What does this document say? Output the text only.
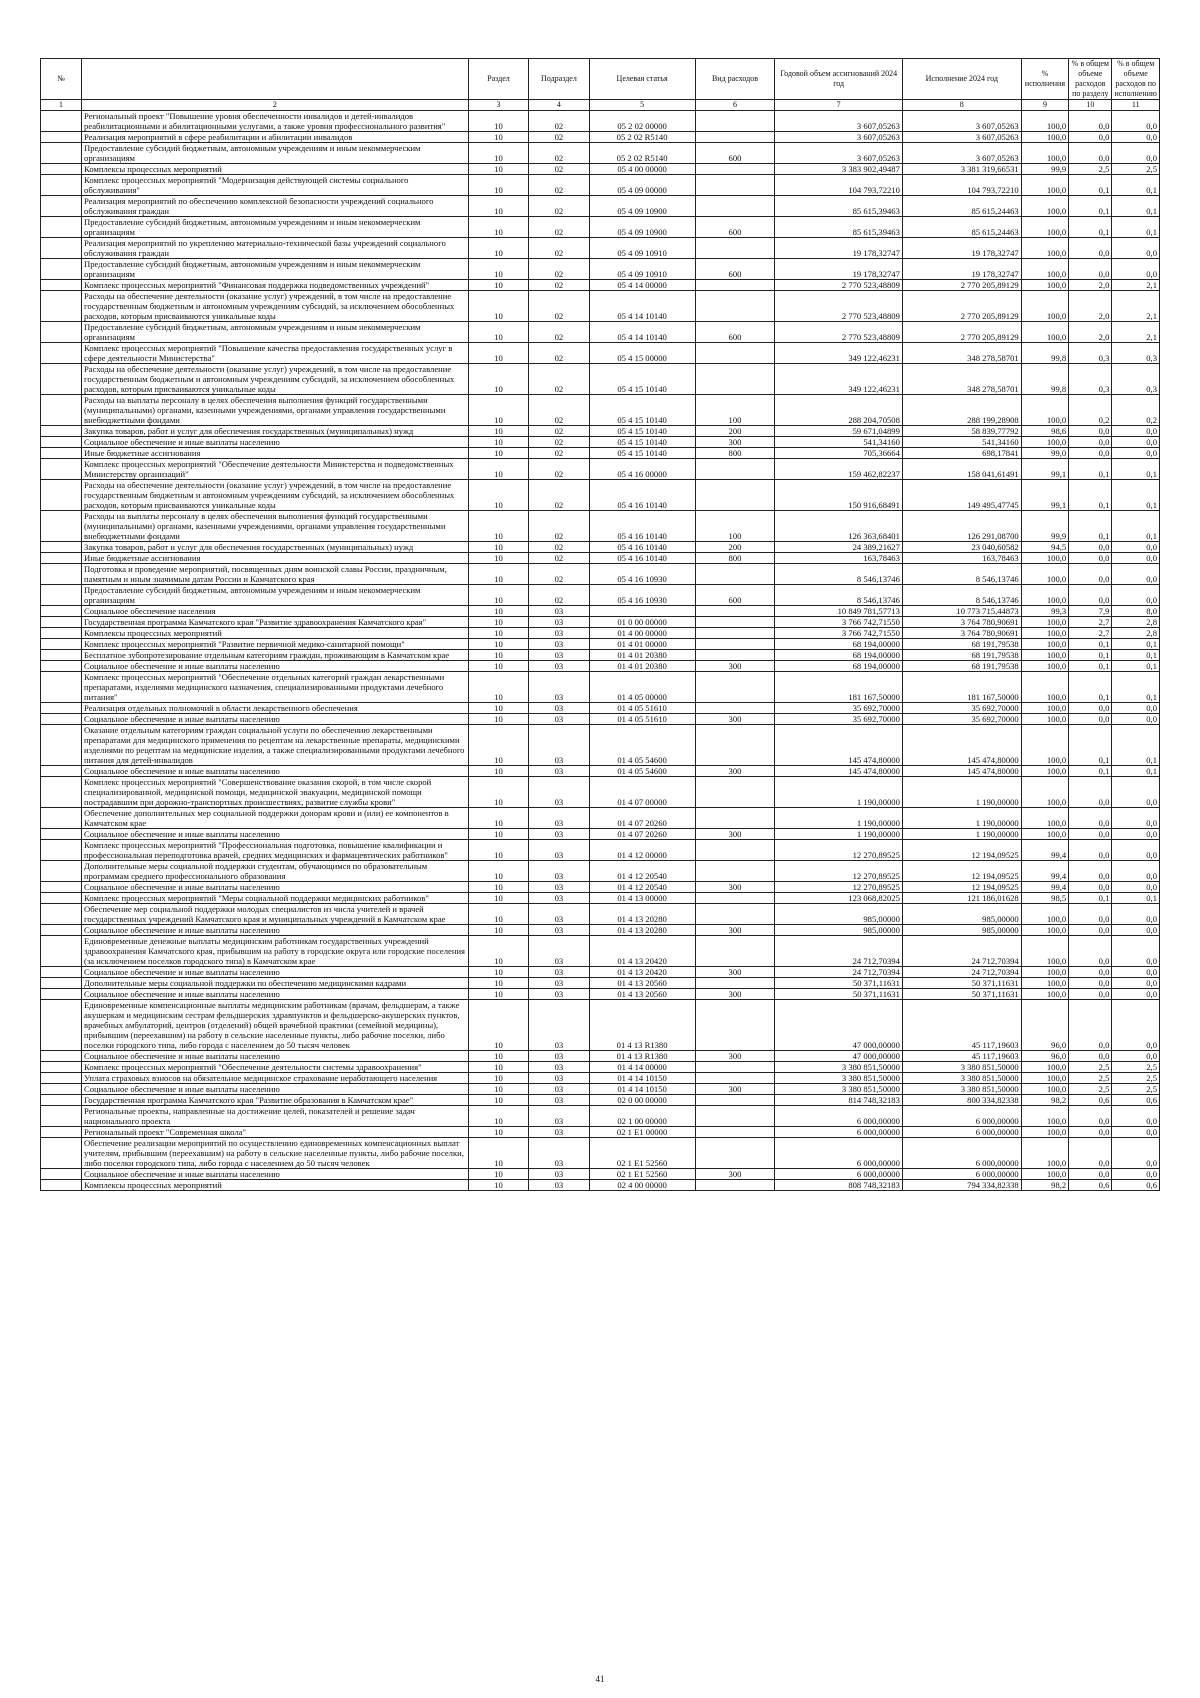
№		Раздел	Подраздел	Целевая статья	Вид расходов	Годовой объем ассигнований 2024 год	Исполнение 2024 год	% исполнения	% в общем объеме расходов по разделу	% в общем объеме расходов по исполнению
1	2	3	4	5	6	7	8	9	10	11
	Региональный проект "Повышение уровня обеспеченности инвалидов и детей-инвалидов реабилитационными и абилитационными услугами, а также уровня профессионального развития"	10	02	05 2 02 00000		3 607,05263	3 607,05263	100,0	0,0	0,0
	Реализация мероприятий в сфере реабилитации и абилитации инвалидов	10	02	05 2 02 R5140		3 607,05263	3 607,05263	100,0	0,0	0,0
	Предоставление субсидий бюджетным, автономным учреждениям и иным некоммерческим организациям	10	02	05 2 02 R5140	600	3 607,05263	3 607,05263	100,0	0,0	0,0
	Комплексы процессных мероприятий	10	02	05 4 00 00000		3 383 902,49487	3 381 319,66531	99,9	2,5	2,5
	Комплекс процессных мероприятий "Модернизация действующей системы социального обслуживания"	10	02	05 4 09 00000		104 793,72210	104 793,72210	100,0	0,1	0,1
	Реализация мероприятий по обеспечению комплексной безопасности учреждений социального обслуживания граждан	10	02	05 4 09 10900		85 615,39463	85 615,24463	100,0	0,1	0,1
	Предоставление субсидий бюджетным, автономным учреждениям и иным некоммерческим организациям	10	02	05 4 09 10900	600	85 615,39463	85 615,24463	100,0	0,1	0,1
	Реализация мероприятий по укреплению материально-технической базы учреждений социального обслуживания граждан	10	02	05 4 09 10910		19 178,32747	19 178,32747	100,0	0,0	0,0
	Предоставление субсидий бюджетным, автономным учреждениям и иным некоммерческим организациям	10	02	05 4 09 10910	600	19 178,32747	19 178,32747	100,0	0,0	0,0
	Комплекс процессных мероприятий "Финансовая поддержка подведомственных учреждений"	10	02	05 4 14 00000		2 770 523,48809	2 770 205,89129	100,0	2,0	2,1
	Расходы на обеспечение деятельности (оказание услуг) учреждений, в том числе на предоставление государственным бюджетным и автономным учреждениям субсидий, за исключением обособленных расходов, которым присваиваются уникальные коды	10	02	05 4 14 10140		2 770 523,48809	2 770 205,89129	100,0	2,0	2,1
	Предоставление субсидий бюджетным, автономным учреждениям и иным некоммерческим организациям	10	02	05 4 14 10140	600	2 770 523,48809	2 770 205,89129	100,0	2,0	2,1
	Комплекс процессных мероприятий "Повышение качества предоставления государственных услуг в сфере деятельности Министерства"	10	02	05 4 15 00000		349 122,46231	348 278,58701	99,8	0,3	0,3
	Расходы на обеспечение деятельности (оказание услуг) учреждений, в том числе на предоставление государственным бюджетным и автономным учреждениям субсидий, за исключением обособленных расходов, которым присваиваются уникальные коды	10	02	05 4 15 10140		349 122,46231	348 278,58701	99,8	0,3	0,3
	Расходы на выплаты персоналу в целях обеспечения выполнения функций государственными (муниципальными) органами, казенными учреждениями, органами управления государственными внебюджетными фондами	10	02	05 4 15 10140	100	288 204,70508	288 199,28908	100,0	0,2	0,2
	Закупка товаров, работ и услуг для обеспечения государственных (муниципальных) нужд	10	02	05 4 15 10140	200	59 671,04899	58 839,77792	98,6	0,0	0,0
	Социальное обеспечение и иные выплаты населению	10	02	05 4 15 10140	300	541,34160	541,34160	100,0	0,0	0,0
	Иные бюджетные ассигнования	10	02	05 4 15 10140	800	705,36664	698,17841	99,0	0,0	0,0
	Комплекс процессных мероприятий "Обеспечение деятельности Министерства и подведомственных Министерству организаций"	10	02	05 4 16 00000		159 462,82237	158 041,61491	99,1	0,1	0,1
	Расходы на обеспечение деятельности (оказание услуг) учреждений, в том числе на предоставление государственным бюджетным и автономным учреждениям субсидий, за исключением обособленных расходов, которым присваиваются уникальные коды	10	02	05 4 16 10140		150 916,68491	149 495,47745	99,1	0,1	0,1
	Расходы на выплаты персоналу в целях обеспечения выполнения функций государственными (муниципальными) органами, казенными учреждениями, органами управления государственными внебюджетными фондами	10	02	05 4 16 10140	100	126 363,68401	126 291,08700	99,9	0,1	0,1
	Закупка товаров, работ и услуг для обеспечения государственных (муниципальных) нужд	10	02	05 4 16 10140	200	24 389,21627	23 040,60582	94,5	0,0	0,0
	Иные бюджетные ассигнования	10	02	05 4 16 10140	800	163,78463	163,78463	100,0	0,0	0,0
	Подготовка и проведение мероприятий, посвященных дням воинской славы России, праздничным, памятным и иным значимым датам России и Камчатского края	10	02	05 4 16 10930		8 546,13746	8 546,13746	100,0	0,0	0,0
	Предоставление субсидий бюджетным, автономным учреждениям и иным некоммерческим организациям	10	02	05 4 16 10930	600	8 546,13746	8 546,13746	100,0	0,0	0,0
	Социальное обеспечение населения	10	03			10 849 781,57713	10 773 715,44873	99,3	7,9	8,0
	Государственная программа Камчатского края "Развитие здравоохранения Камчатского края"	10	03	01 0 00 00000		3 766 742,71550	3 764 780,90691	100,0	2,7	2,8
	Комплексы процессных мероприятий	10	03	01 4 00 00000		3 766 742,71550	3 764 780,90691	100,0	2,7	2,8
	Комплекс процессных мероприятий "Развитие первичной медико-санитарной помощи"	10	03	01 4 01 00000		68 194,00000	68 191,79538	100,0	0,1	0,1
	Бесплатное зубопротезирование отдельным категориям граждан, проживающим в Камчатском крае	10	03	01 4 01 20380		68 194,00000	68 191,79538	100,0	0,1	0,1
	Социальное обеспечение и иные выплаты населению	10	03	01 4 01 20380	300	68 194,00000	68 191,79538	100,0	0,1	0,1
	Комплекс процессных мероприятий "Обеспечение отдельных категорий граждан лекарственными препаратами, изделиями медицинского назначения, специализированными продуктами лечебного питания"	10	03	01 4 05 00000		181 167,50000	181 167,50000	100,0	0,1	0,1
	Реализация отдельных полномочий в области лекарственного обеспечения	10	03	01 4 05 51610		35 692,70000	35 692,70000	100,0	0,0	0,0
	Социальное обеспечение и иные выплаты населению	10	03	01 4 05 51610	300	35 692,70000	35 692,70000	100,0	0,0	0,0
	Оказание отдельным категориям граждан социальной услуги по обеспечению лекарственными препаратами для медицинского применения по рецептам на лекарственные препараты, медицинскими изделиями по рецептам на медицинские изделия, а также специализированными продуктами лечебного питания для детей-инвалидов	10	03	01 4 05 54600		145 474,80000	145 474,80000	100,0	0,1	0,1
	Социальное обеспечение и иные выплаты населению	10	03	01 4 05 54600	300	145 474,80000	145 474,80000	100,0	0,1	0,1
	Комплекс процессных мероприятий "Совершенствование оказания скорой, в том числе скорой специализированной, медицинской помощи, медицинской эвакуации, медицинской помощи пострадавшим при дорожно-транспортных происшествиях, развитие службы крови"	10	03	01 4 07 00000		1 190,00000	1 190,00000	100,0	0,0	0,0
	Обеспечение дополнительных мер социальной поддержки донорам крови и (или) ее компонентов в Камчатском крае	10	03	01 4 07 20260		1 190,00000	1 190,00000	100,0	0,0	0,0
	Социальное обеспечение и иные выплаты населению	10	03	01 4 07 20260	300	1 190,00000	1 190,00000	100,0	0,0	0,0
	Комплекс процессных мероприятий "Профессиональная подготовка, повышение квалификации и профессиональная переподготовка врачей, средних медицинских и фармацевтических работников"	10	03	01 4 12 00000		12 270,89525	12 194,09525	99,4	0,0	0,0
	Дополнительные меры социальной поддержки студентам, обучающимся по образовательным программам среднего профессионального образования	10	03	01 4 12 20540		12 270,89525	12 194,09525	99,4	0,0	0,0
	Социальное обеспечение и иные выплаты населению	10	03	01 4 12 20540	300	12 270,89525	12 194,09525	99,4	0,0	0,0
	Комплекс процессных мероприятий "Меры социальной поддержки медицинских работников"	10	03	01 4 13 00000		123 068,82025	121 186,01628	98,5	0,1	0,1
	Обеспечение мер социальной поддержки молодых специалистов из числа учителей и врачей государственных учреждений Камчатского края и муниципальных учреждений в Камчатском крае	10	03	01 4 13 20280		985,00000	985,00000	100,0	0,0	0,0
	Социальное обеспечение и иные выплаты населению	10	03	01 4 13 20280	300	985,00000	985,00000	100,0	0,0	0,0
	Единовременные денежные выплаты медицинским работникам государственных учреждений здравоохранения Камчатского края, прибывшим на работу в городские округа или городские поселения (за исключением поселков городского типа) в Камчатском крае	10	03	01 4 13 20420		24 712,70394	24 712,70394	100,0	0,0	0,0
	Социальное обеспечение и иные выплаты населению	10	03	01 4 13 20420	300	24 712,70394	24 712,70394	100,0	0,0	0,0
	Дополнительные меры социальной поддержки по обеспечению медицинскими кадрами	10	03	01 4 13 20560		50 371,11631	50 371,11631	100,0	0,0	0,0
	Социальное обеспечение и иные выплаты населению	10	03	01 4 13 20560	300	50 371,11631	50 371,11631	100,0	0,0	0,0
	Единовременные компенсационные выплаты медицинским работникам (врачам, фельдшерам, а также акушеркам и медицинским сестрам фельдшерских здравпунктов и фельдшерско-акушерских пунктов, врачебных амбулаторий, центров (отделений) общей врачебной практики (семейной медицины), прибывшим (переехавшим) на работу в сельские населенные пункты, либо рабочие поселки, либо поселки городского типа, либо города с населением до 50 тысяч человек	10	03	01 4 13 R1380		47 000,00000	45 117,19603	96,0	0,0	0,0
	Социальное обеспечение и иные выплаты населению	10	03	01 4 13 R1380	300	47 000,00000	45 117,19603	96,0	0,0	0,0
	Комплекс процессных мероприятий "Обеспечение деятельности системы здравоохранения"	10	03	01 4 14 00000		3 380 851,50000	3 380 851,50000	100,0	2,5	2,5
	Уплата страховых взносов на обязательное медицинское страхование неработающего населения	10	03	01 4 14 10150		3 380 851,50000	3 380 851,50000	100,0	2,5	2,5
	Социальное обеспечение и иные выплаты населению	10	03	01 4 14 10150	300	3 380 851,50000	3 380 851,50000	100,0	2,5	2,5
	Государственная программа Камчатского края "Развитие образования в Камчатском крае"	10	03	02 0 00 00000		814 748,32183	800 334,82338	98,2	0,6	0,6
	Региональные проекты, направленные на достижение целей, показателей и решение задач национального проекта	10	03	02 1 00 00000		6 000,00000	6 000,00000	100,0	0,0	0,0
	Региональный проект "Современная школа"	10	03	02 1 E1 00000		6 000,00000	6 000,00000	100,0	0,0	0,0
	Обеспечение реализации мероприятий по осуществлению единовременных компенсационных выплат учителям, прибывшим (переехавшим) на работу в сельские населенные пункты, либо рабочие поселки, либо поселки городского типа, либо города с населением до 50 тысяч человек	10	03	02 1 E1 52560		6 000,00000	6 000,00000	100,0	0,0	0,0
	Социальное обеспечение и иные выплаты населению	10	03	02 1 E1 52560	300	6 000,00000	6 000,00000	100,0	0,0	0,0
	Комплексы процессных мероприятий	10	03	02 4 00 00000		808 748,32183	794 334,82338	98,2	0,6	0,6
41
